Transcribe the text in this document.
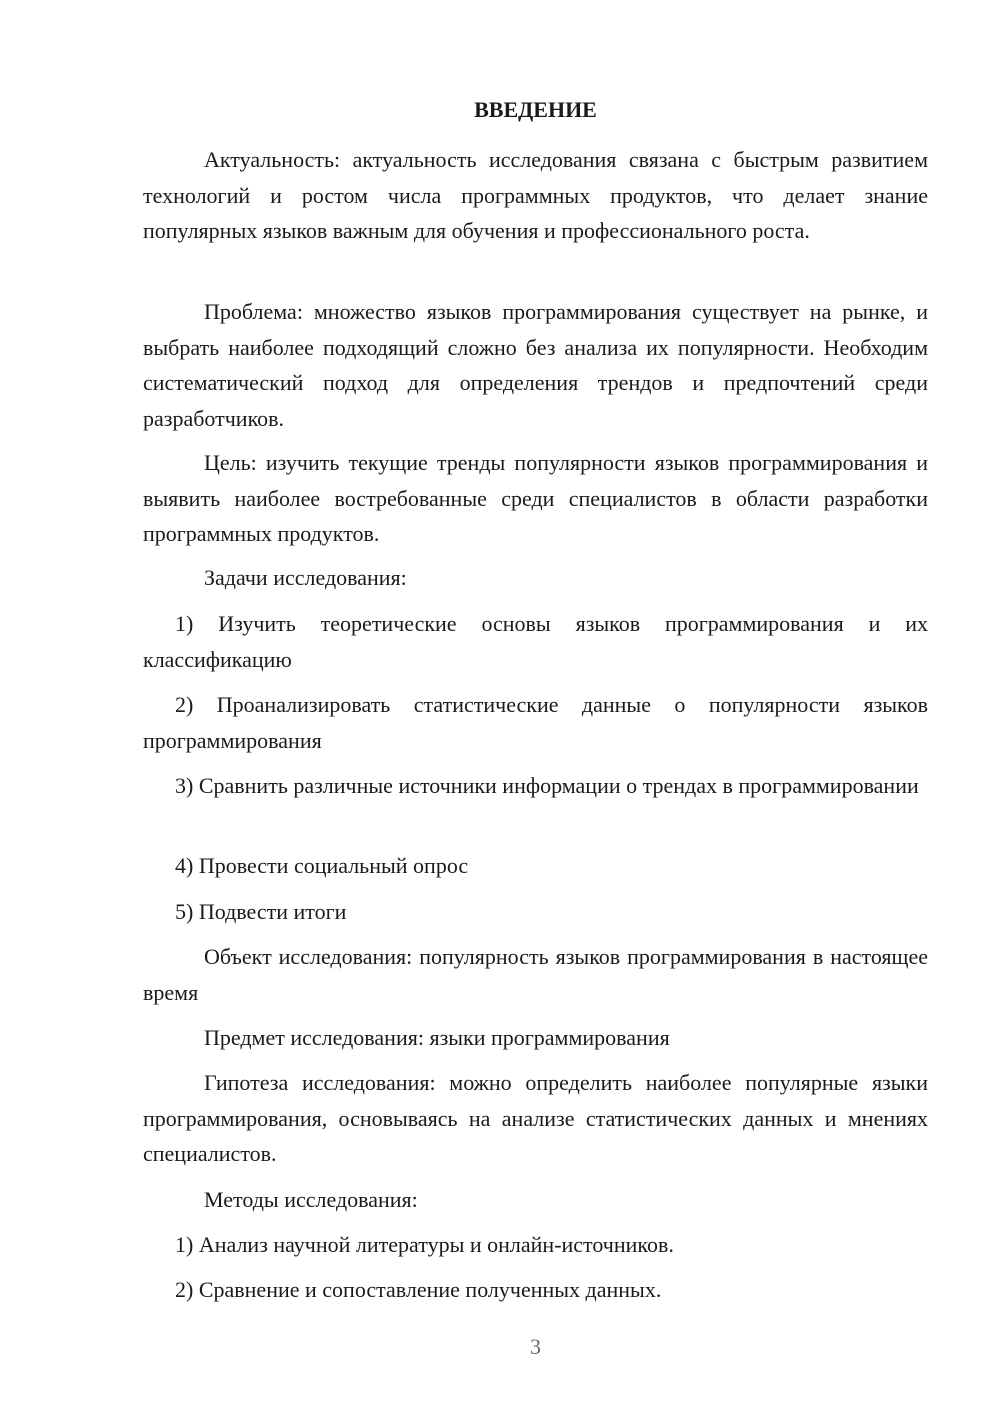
ВВЕДЕНИЕ

Актуальность: актуальность исследования связана с быстрым развитием технологий и ростом числа программных продуктов, что делает знание популярных языков важным для обучения и профессионального роста.

Проблема: множество языков программирования существует на рынке, и выбрать наиболее подходящий сложно без анализа их популярности. Необходим систематический подход для определения трендов и предпочтений среди разработчиков.

Цель: изучить текущие тренды популярности языков программирования и выявить наиболее востребованные среди специалистов в области разработки программных продуктов.

Задачи исследования:

1) Изучить теоретические основы языков программирования и их классификацию

2) Проанализировать статистические данные о популярности языков программирования

3) Сравнить различные источники информации о трендах в программировании

4) Провести социальный опрос

5) Подвести итоги

Объект исследования: популярность языков программирования в настоящее время

Предмет исследования: языки программирования

Гипотеза исследования: можно определить наиболее популярные языки программирования, основываясь на анализе статистических данных и мнениях специалистов.

Методы исследования:

1) Анализ научной литературы и онлайн-источников.

2) Сравнение и сопоставление полученных данных.

3
